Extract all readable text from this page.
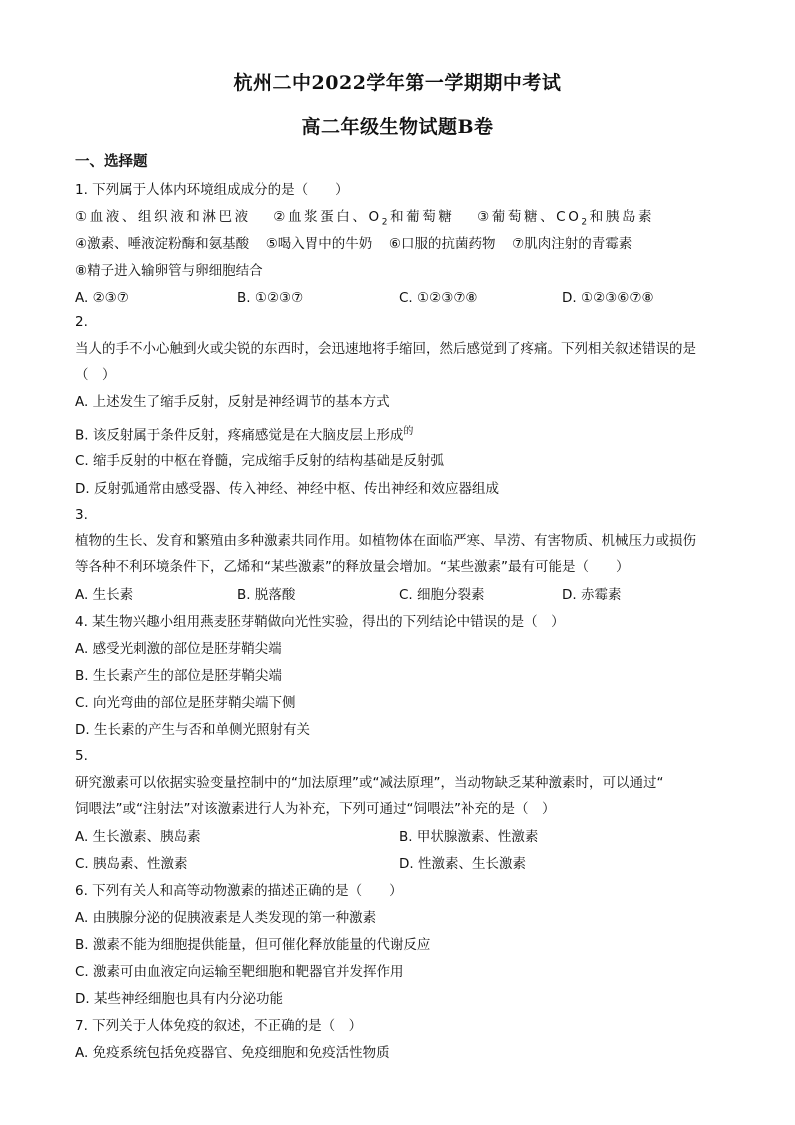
杭州二中2022学年第一学期期中考试
高二年级生物试题B卷
一、选择题
1. 下列属于人体内环境组成成分的是（　　）
①血液、组织液和淋巴液 ②血浆蛋白、$O_2$和葡萄糖 ③葡萄糖、$CO_2$和胰岛素
④激素、唾液淀粉酶和氨基酸 ⑤喝入胃中的牛奶 ⑥口服的抗菌药物 ⑦肌肉注射的青霉素
⑧精子进入输卵管与卵细胞结合
A. ②③⑦	B. ①②③⑦	C. ①②③⑦⑧	D. ①②③⑥⑦⑧
2.
当人的手不小心触到火或尖锐的东西时，会迅速地将手缩回，然后感觉到了疼痛。下列相关叙述错误的是
（　）
A. 上述发生了缩手反射，反射是神经调节的基本方式
B. 该反射属于条件反射，疼痛感觉是在大脑皮层上形成$^的$
C. 缩手反射的中枢在脊髓，完成缩手反射的结构基础是反射弧
D. 反射弧通常由感受器、传入神经、神经中枢、传出神经和效应器组成
3.
植物的生长、发育和繁殖由多种激素共同作用。如植物体在面临严寒、旱涝、有害物质、机械压力或损伤
等各种不利环境条件下，乙烯和“某些激素”的释放量会增加。“某些激素”最有可能是（　　）
A. 生长素	B. 脱落酸	C. 细胞分裂素	D. 赤霉素
4. 某生物兴趣小组用燕麦胚芽鞘做向光性实验，得出的下列结论中错误的是（　）
A. 感受光刺激的部位是胚芽鞘尖端
B. 生长素产生的部位是胚芽鞘尖端
C. 向光弯曲的部位是胚芽鞘尖端下侧
D. 生长素的产生与否和单侧光照射有关
5.
研究激素可以依据实验变量控制中的“加法原理”或“减法原理”，当动物缺乏某种激素时，可以通过“
饲喂法”或“注射法”对该激素进行人为补充，下列可通过“饲喂法”补充的是（　）
A. 生长激素、胰岛素	B. 甲状腺激素、性激素
C. 胰岛素、性激素	D. 性激素、生长激素
6. 下列有关人和高等动物激素的描述正确的是（　　）
A. 由胰腺分泌的促胰液素是人类发现的第一种激素
B. 激素不能为细胞提供能量，但可催化释放能量的代谢反应
C. 激素可由血液定向运输至靶细胞和靶器官并发挥作用
D. 某些神经细胞也具有内分泌功能
7. 下列关于人体免疫的叙述，不正确的是（　）
A. 免疫系统包括免疫器官、免疫细胞和免疫活性物质
